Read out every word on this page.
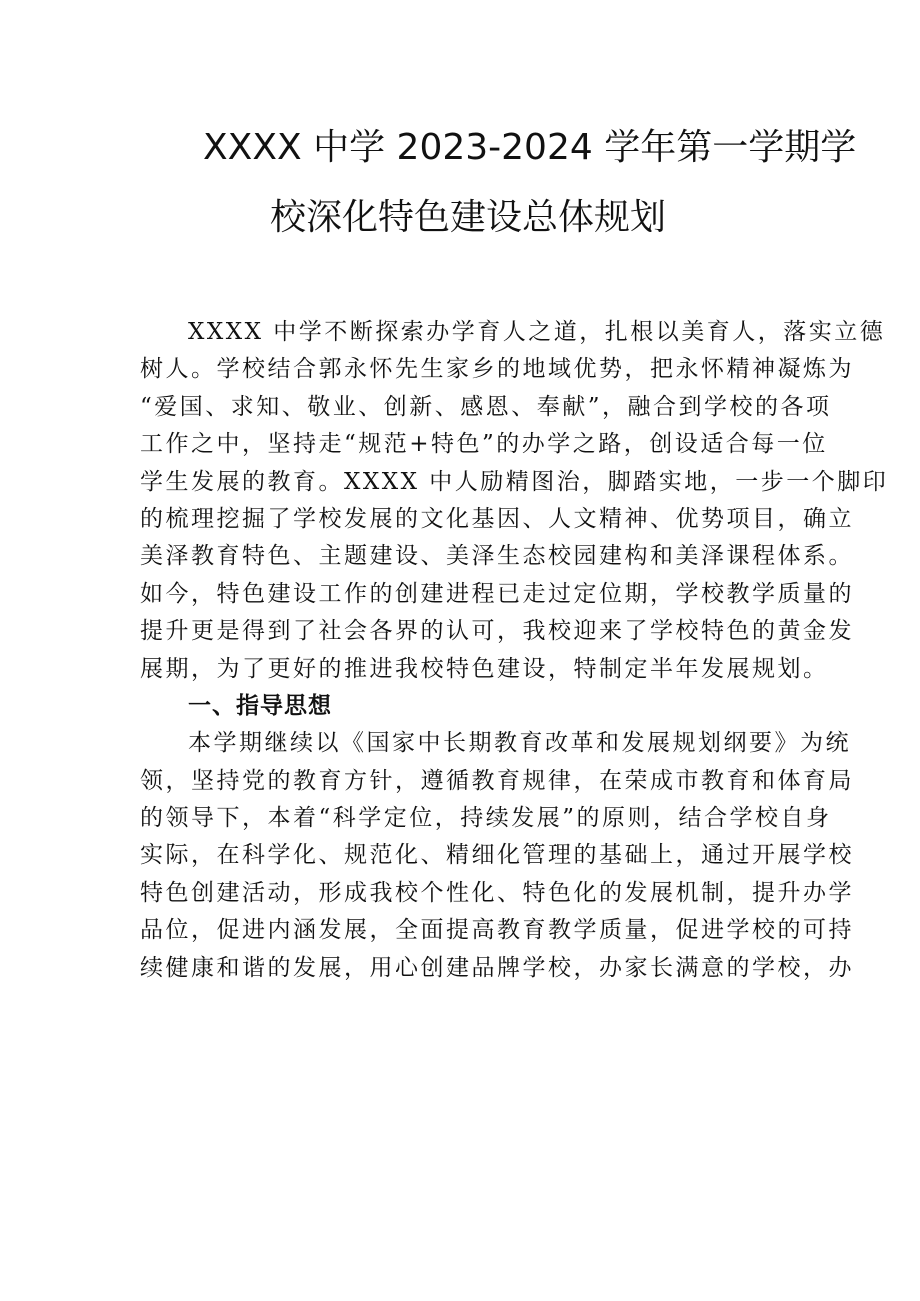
XXXX 中学 2023-2024 学年第一学期学
校深化特色建设总体规划
XXXX 中学不断探索办学育人之道，扎根以美育人，落实立德
树人。学校结合郭永怀先生家乡的地域优势，把永怀精神凝炼为
“爱国、求知、敬业、创新、感恩、奉献”，融合到学校的各项
工作之中，坚持走“规范+特色”的办学之路，创设适合每一位
学生发展的教育。XXXX 中人励精图治，脚踏实地，一步一个脚印
的梳理挖掘了学校发展的文化基因、人文精神、优势项目，确立
美泽教育特色、主题建设、美泽生态校园建构和美泽课程体系。
如今，特色建设工作的创建进程已走过定位期，学校教学质量的
提升更是得到了社会各界的认可，我校迎来了学校特色的黄金发
展期，为了更好的推进我校特色建设，特制定半年发展规划。
一、指导思想
本学期继续以《国家中长期教育改革和发展规划纲要》为统
领，坚持党的教育方针，遵循教育规律，在荣成市教育和体育局
的领导下，本着“科学定位，持续发展”的原则，结合学校自身
实际，在科学化、规范化、精细化管理的基础上，通过开展学校
特色创建活动，形成我校个性化、特色化的发展机制，提升办学
品位，促进内涵发展，全面提高教育教学质量，促进学校的可持
续健康和谐的发展，用心创建品牌学校，办家长满意的学校，办
